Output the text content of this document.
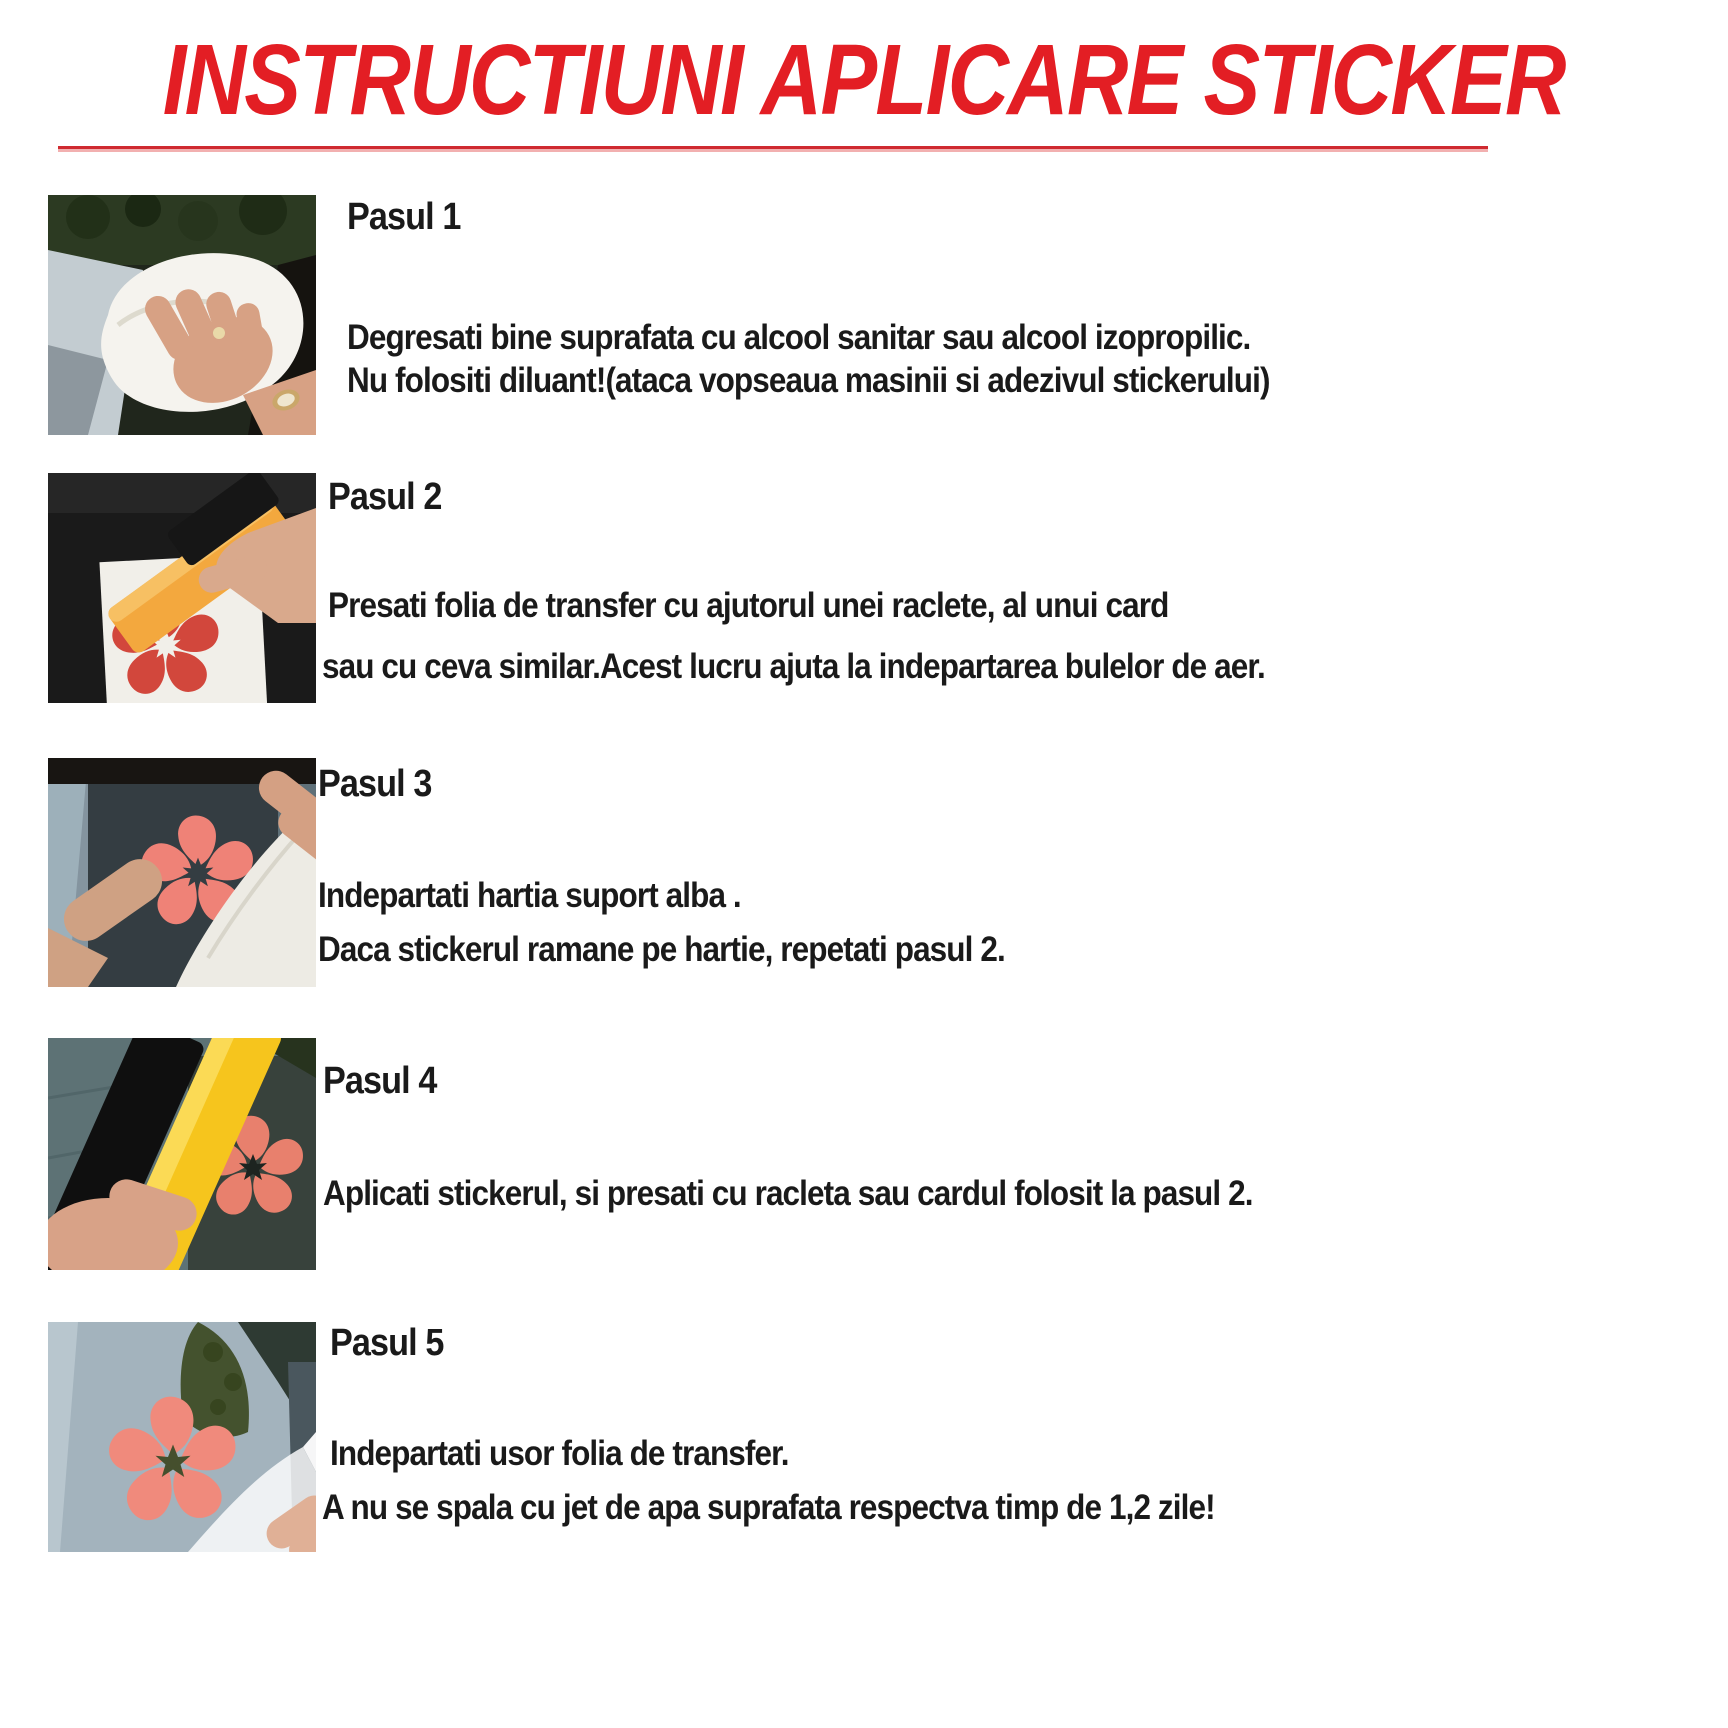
INSTRUCTIUNI APLICARE STICKER
Pasul 1

Degresati bine suprafata cu alcool sanitar sau alcool izopropilic.

Nu folositi diluant!(ataca vopseaua masinii si adezivul stickerului)

Pasul 2

Presati folia de transfer cu ajutorul unei raclete, al unui card

sau cu ceva similar.Acest lucru ajuta la indepartarea bulelor de aer.

Pasul 3

Indepartati hartia suport alba .

Daca stickerul ramane pe hartie, repetati pasul 2.

Pasul 4

Aplicati stickerul, si presati cu racleta sau cardul folosit la pasul 2.

Pasul 5

Indepartati usor folia de transfer.

A nu se spala cu jet de apa suprafata respectva timp de 1,2 zile!
